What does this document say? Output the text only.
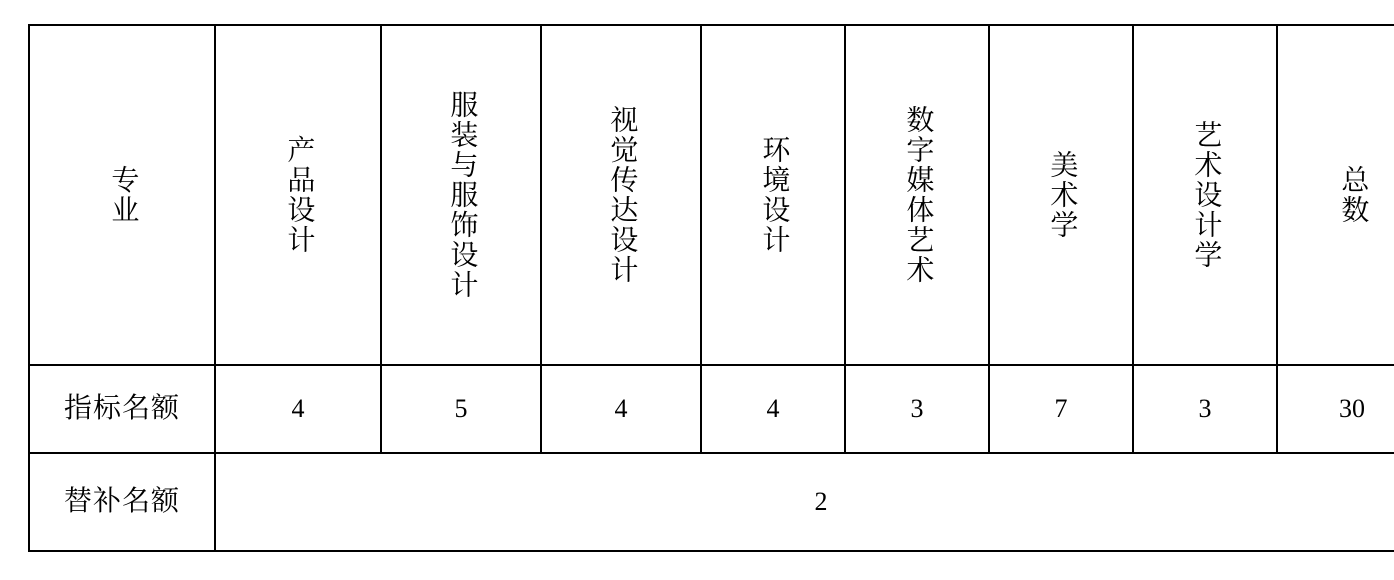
专业	产品设计	服装与服饰设计	视觉传达设计	环境设计	数字媒体艺术	美术学	艺术设计学	总数

指标名额	4	5	4	4	3	7	3	30

替补名额	2							
